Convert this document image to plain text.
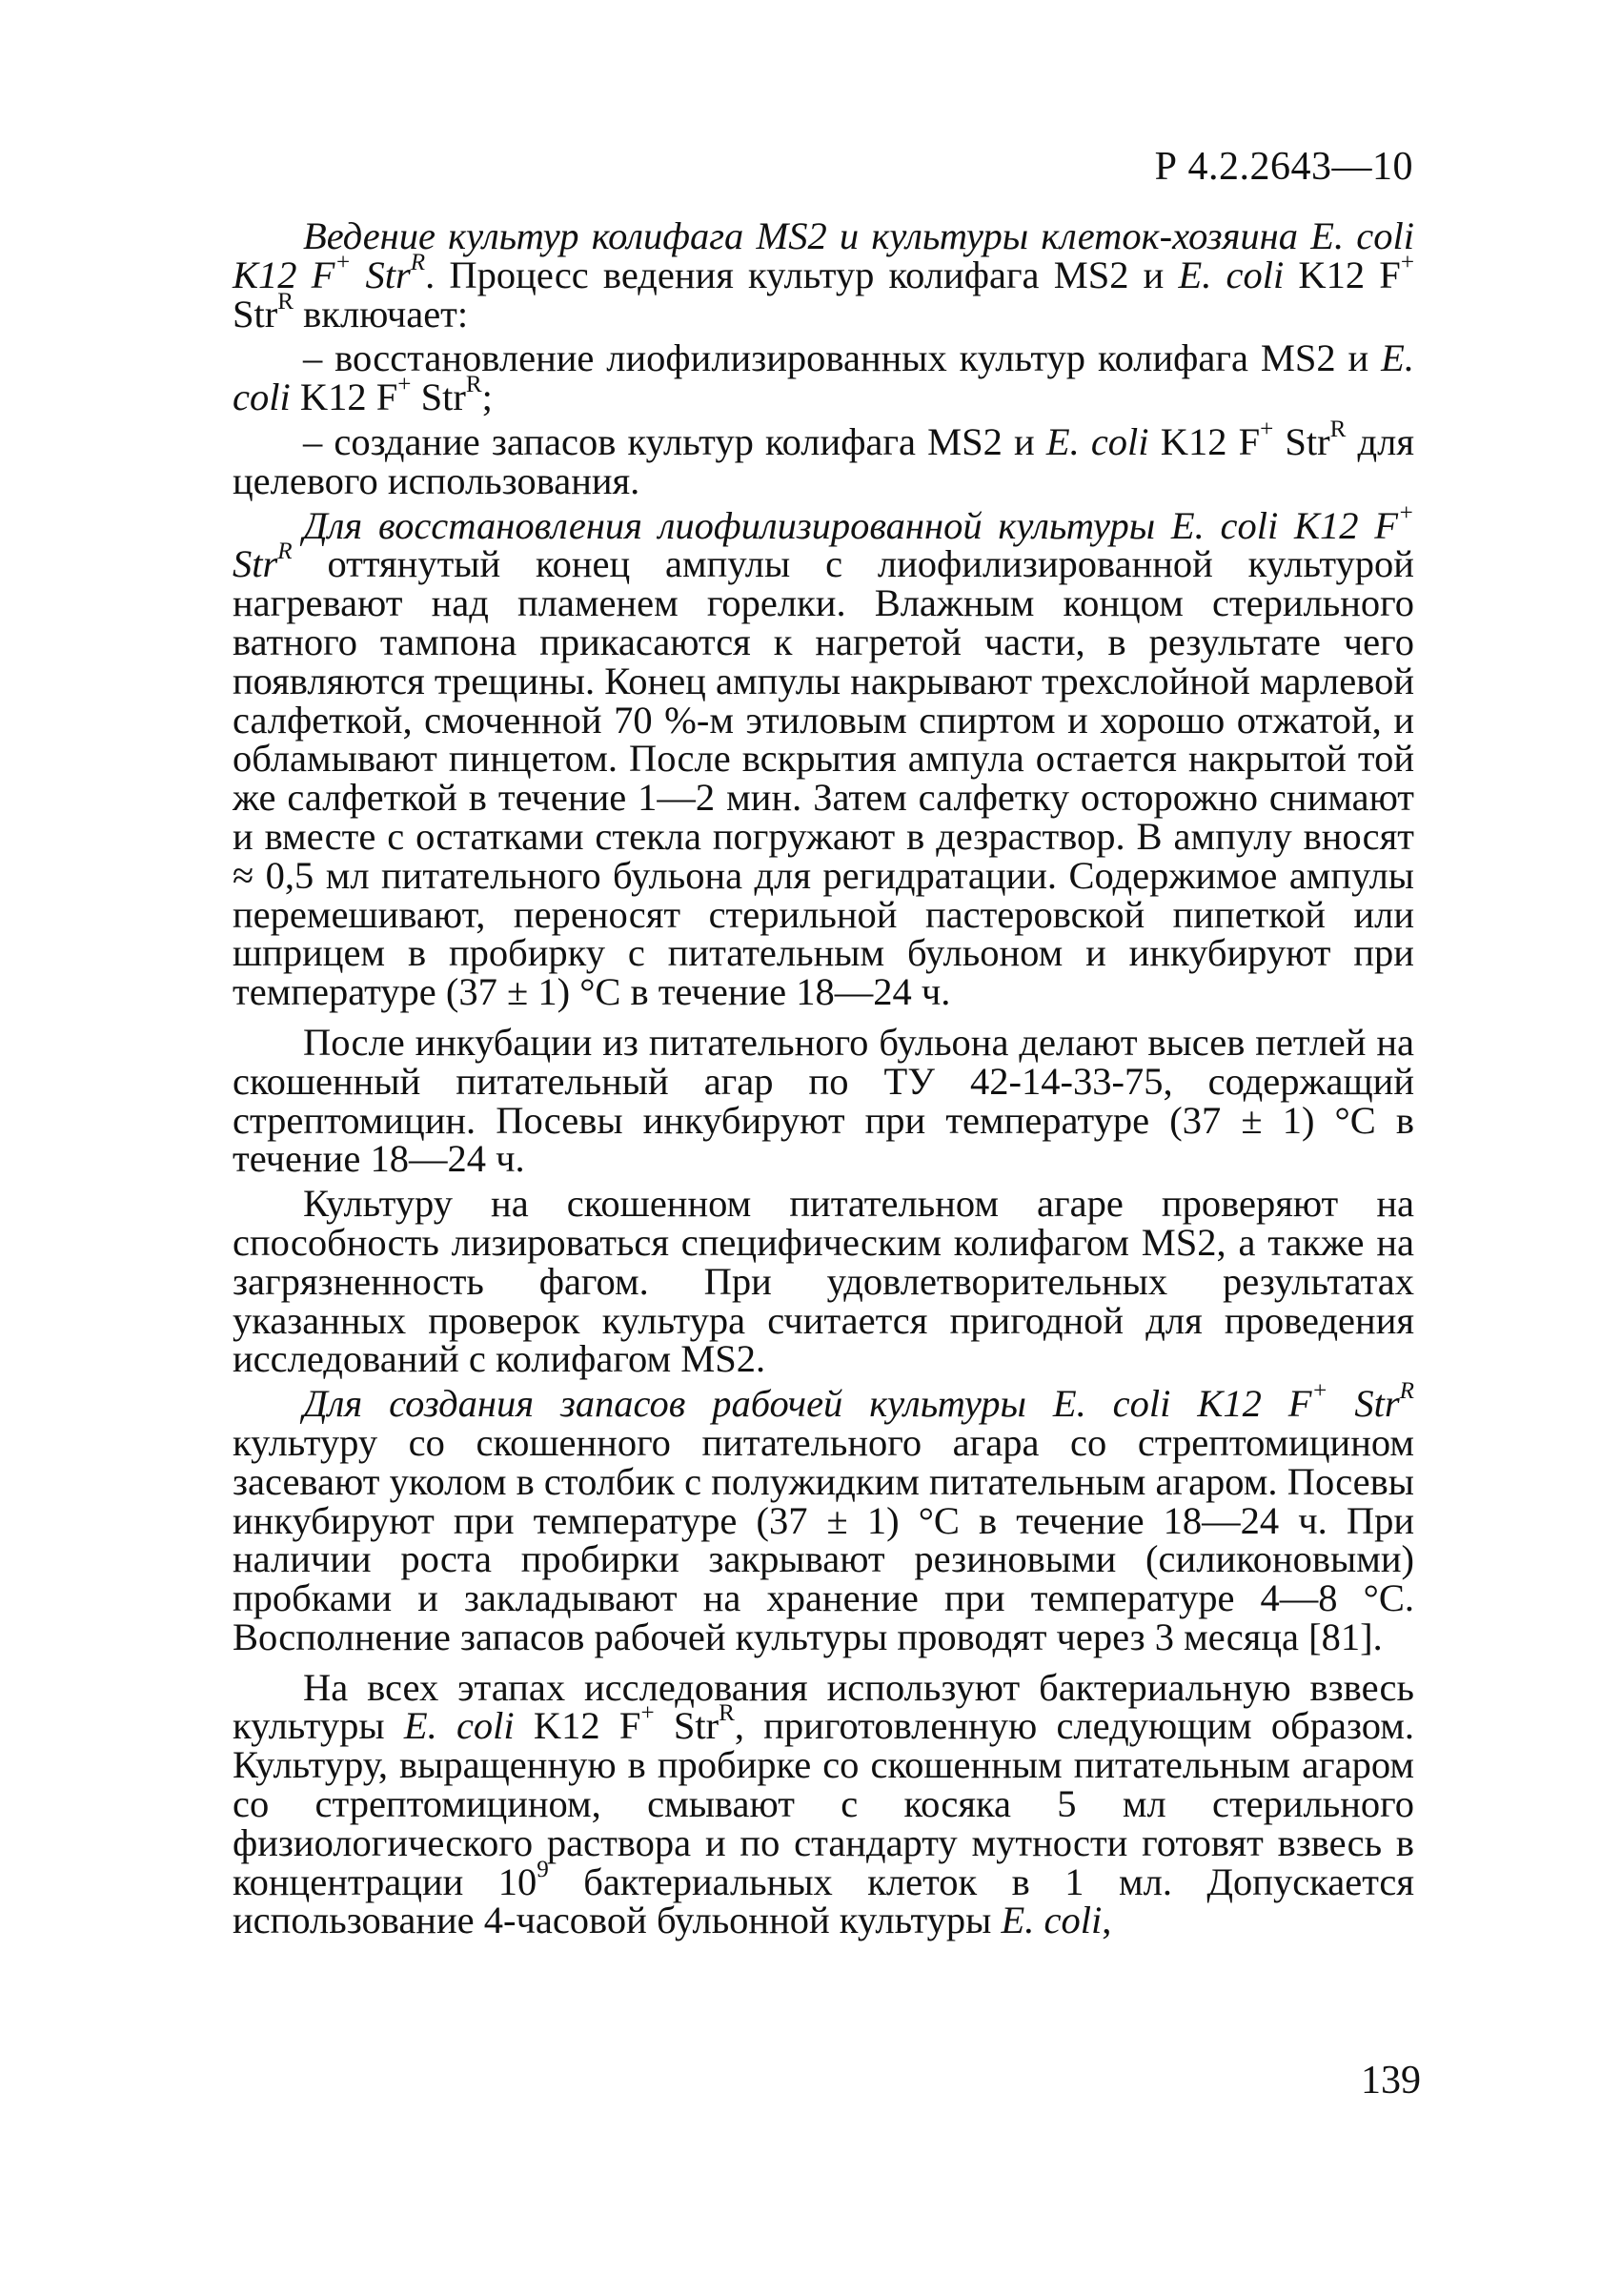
Р 4.2.2643—10

Ведение культур колифага MS2 и культуры клеток-хозяина E. coli K12 F+ Str$^R$. Процесс ведения культур колифага MS2 и E. coli K12 F+ Str$^R$ включает:

– восстановление лиофилизированных культур колифага MS2 и E. coli K12 F+ Str$^R$;

– создание запасов культур колифага MS2 и E. coli K12 F+ Str$^R$ для целевого использования.

Для восстановления лиофилизированной культуры E. coli K12 F+ Str$^R$ оттянутый конец ампулы с лиофилизированной культурой нагревают над пламенем горелки. Влажным концом стерильного ватного тампона прикасаются к нагретой части, в результате чего появляются трещины. Конец ампулы накрывают трехслойной марлевой салфеткой, смоченной 70 %-м этиловым спиртом и хорошо отжатой, и обламывают пинцетом. После вскрытия ампула остается накрытой той же салфеткой в течение 1—2 мин. Затем салфетку осторожно снимают и вместе с остатками стекла погружают в дезраствор. В ампулу вносят ≈ 0,5 мл питательного бульона для регидратации. Содержимое ампулы перемешивают, переносят стерильной пастеровской пипеткой или шприцем в пробирку с питательным бульоном и инкубируют при температуре (37 ± 1) °С в течение 18—24 ч.

После инкубации из питательного бульона делают высев петлей на скошенный питательный агар по ТУ 42-14-33-75, содержащий стрептомицин. Посевы инкубируют при температуре (37 ± 1) °С в течение 18—24 ч.

Культуру на скошенном питательном агаре проверяют на способность лизироваться специфическим колифагом MS2, а также на загрязненность фагом. При удовлетворительных результатах указанных проверок культура считается пригодной для проведения исследований с колифагом MS2.

Для создания запасов рабочей культуры E. coli K12 F+ Str$^R$ культуру со скошенного питательного агара со стрептомицином засевают уколом в столбик с полужидким питательным агаром. Посевы инкубируют при температуре (37 ± 1) °С в течение 18—24 ч. При наличии роста пробирки закрывают резиновыми (силиконовыми) пробками и закладывают на хранение при температуре 4—8 °С. Восполнение запасов рабочей культуры проводят через 3 месяца [81].

На всех этапах исследования используют бактериальную взвесь культуры E. coli K12 F+ Str$^R$, приготовленную следующим образом. Культуру, выращенную в пробирке со скошенным питательным агаром со стрептомицином, смывают с косяка 5 мл стерильного физиологического раствора и по стандарту мутности готовят взвесь в концентрации $10^9$ бактериальных клеток в 1 мл. Допускается использование 4-часовой бульонной культуры E. coli,

139
